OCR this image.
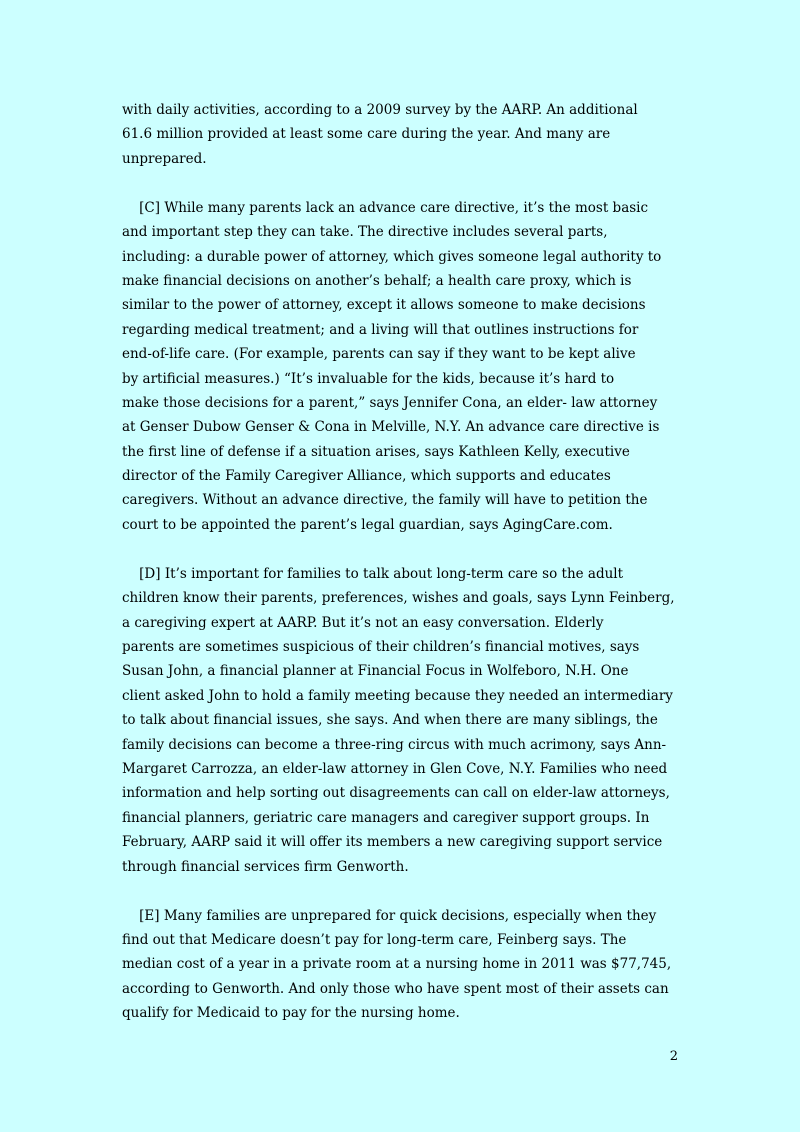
with daily activities, according to a 2009 survey by the AARP. An additional
61.6 million provided at least some care during the year. And many are
unprepared.
[C] While many parents lack an advance care directive, it’s the most basic
and important step they can take. The directive includes several parts,
including: a durable power of attorney, which gives someone legal authority to
make financial decisions on another’s behalf; a health care proxy, which is
similar to the power of attorney, except it allows someone to make decisions
regarding medical treatment; and a living will that outlines instructions for
end-of-life care. (For example, parents can say if they want to be kept alive
by artificial measures.) “It’s invaluable for the kids, because it’s hard to
make those decisions for a parent,” says Jennifer Cona, an elder- law attorney
at Genser Dubow Genser & Cona in Melville, N.Y. An advance care directive is
the first line of defense if a situation arises, says Kathleen Kelly, executive
director of the Family Caregiver Alliance, which supports and educates
caregivers. Without an advance directive, the family will have to petition the
court to be appointed the parent’s legal guardian, says AgingCare.com.
[D] It’s important for families to talk about long-term care so the adult
children know their parents, preferences, wishes and goals, says Lynn Feinberg,
a caregiving expert at AARP. But it’s not an easy conversation. Elderly
parents are sometimes suspicious of their children’s financial motives, says
Susan John, a financial planner at Financial Focus in Wolfeboro, N.H. One
client asked John to hold a family meeting because they needed an intermediary
to talk about financial issues, she says. And when there are many siblings, the
family decisions can become a three-ring circus with much acrimony, says Ann-
Margaret Carrozza, an elder-law attorney in Glen Cove, N.Y. Families who need
information and help sorting out disagreements can call on elder-law attorneys,
financial planners, geriatric care managers and caregiver support groups. In
February, AARP said it will offer its members a new caregiving support service
through financial services firm Genworth.
[E] Many families are unprepared for quick decisions, especially when they
find out that Medicare doesn’t pay for long-term care, Feinberg says. The
median cost of a year in a private room at a nursing home in 2011 was $77,745,
according to Genworth. And only those who have spent most of their assets can
qualify for Medicaid to pay for the nursing home.
2
